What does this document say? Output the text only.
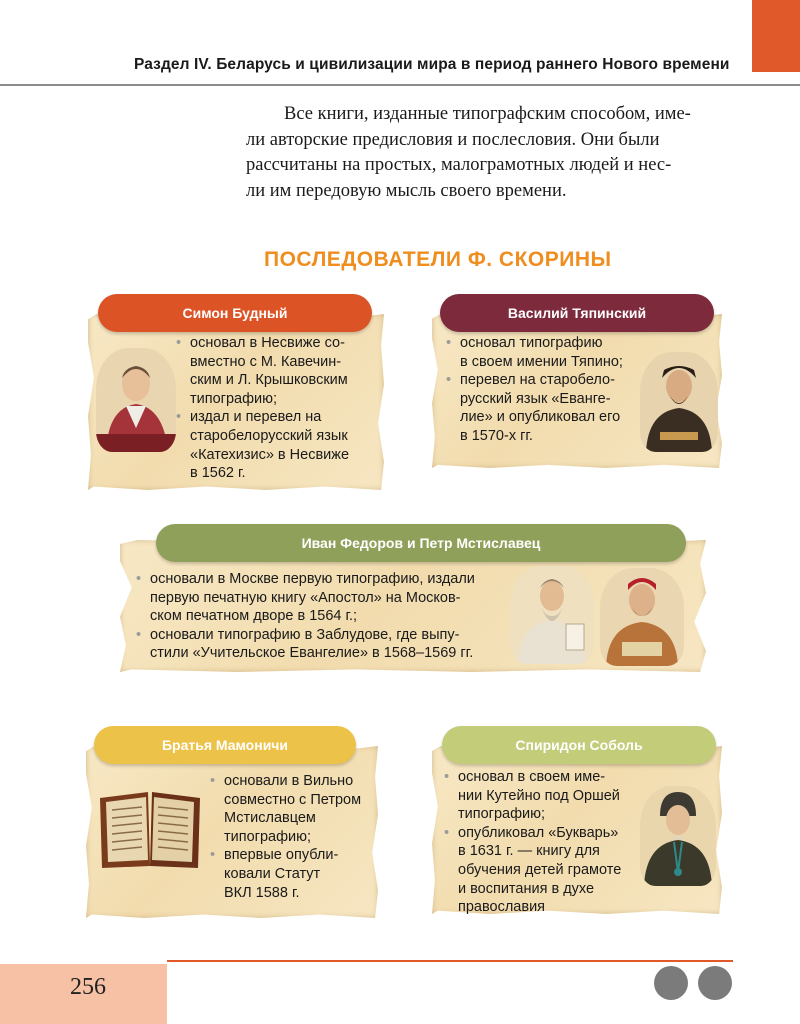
Раздел IV. Беларусь и цивилизации мира в период раннего Нового времени

Все книги, изданные типографским способом, име-
ли авторские предисловия и послесловия. Они были
рассчитаны на простых, малограмотных людей и нес-
ли им передовую мысль своего времени.

ПОСЛЕДОВАТЕЛИ Ф. СКОРИНЫ
Симон Будный
• основал в Несвиже со-
вместно с М. Кавечин-
ским и Л. Крышковским
типографию;
• издал и перевел на
старобелорусский язык
«Катехизис» в Несвиже
в 1562 г.
Василий Тяпинский
• основал типографию
в своем имении Тяпино;
• перевел на старобело-
русский язык «Еванге-
лие» и опубликовал его
в 1570-х гг.
Иван Федоров и Петр Мстиславец
• основали в Москве первую типографию, издали
первую печатную книгу «Апостол» на Москов-
ском печатном дворе в 1564 г.;
• основали типографию в Заблудове, где выпу-
стили «Учительское Евангелие» в 1568–1569 гг.
Братья Мамоничи
• основали в Вильно
совместно с Петром
Мстиславцем
типографию;
• впервые опубли-
ковали Статут
ВКЛ 1588 г.
Спиридон Соболь
• основал в своем име-
нии Кутейно под Оршей
типографию;
• опубликовал «Букварь»
в 1631 г. — книгу для
обучения детей грамоте
и воспитания в духе
православия
256
